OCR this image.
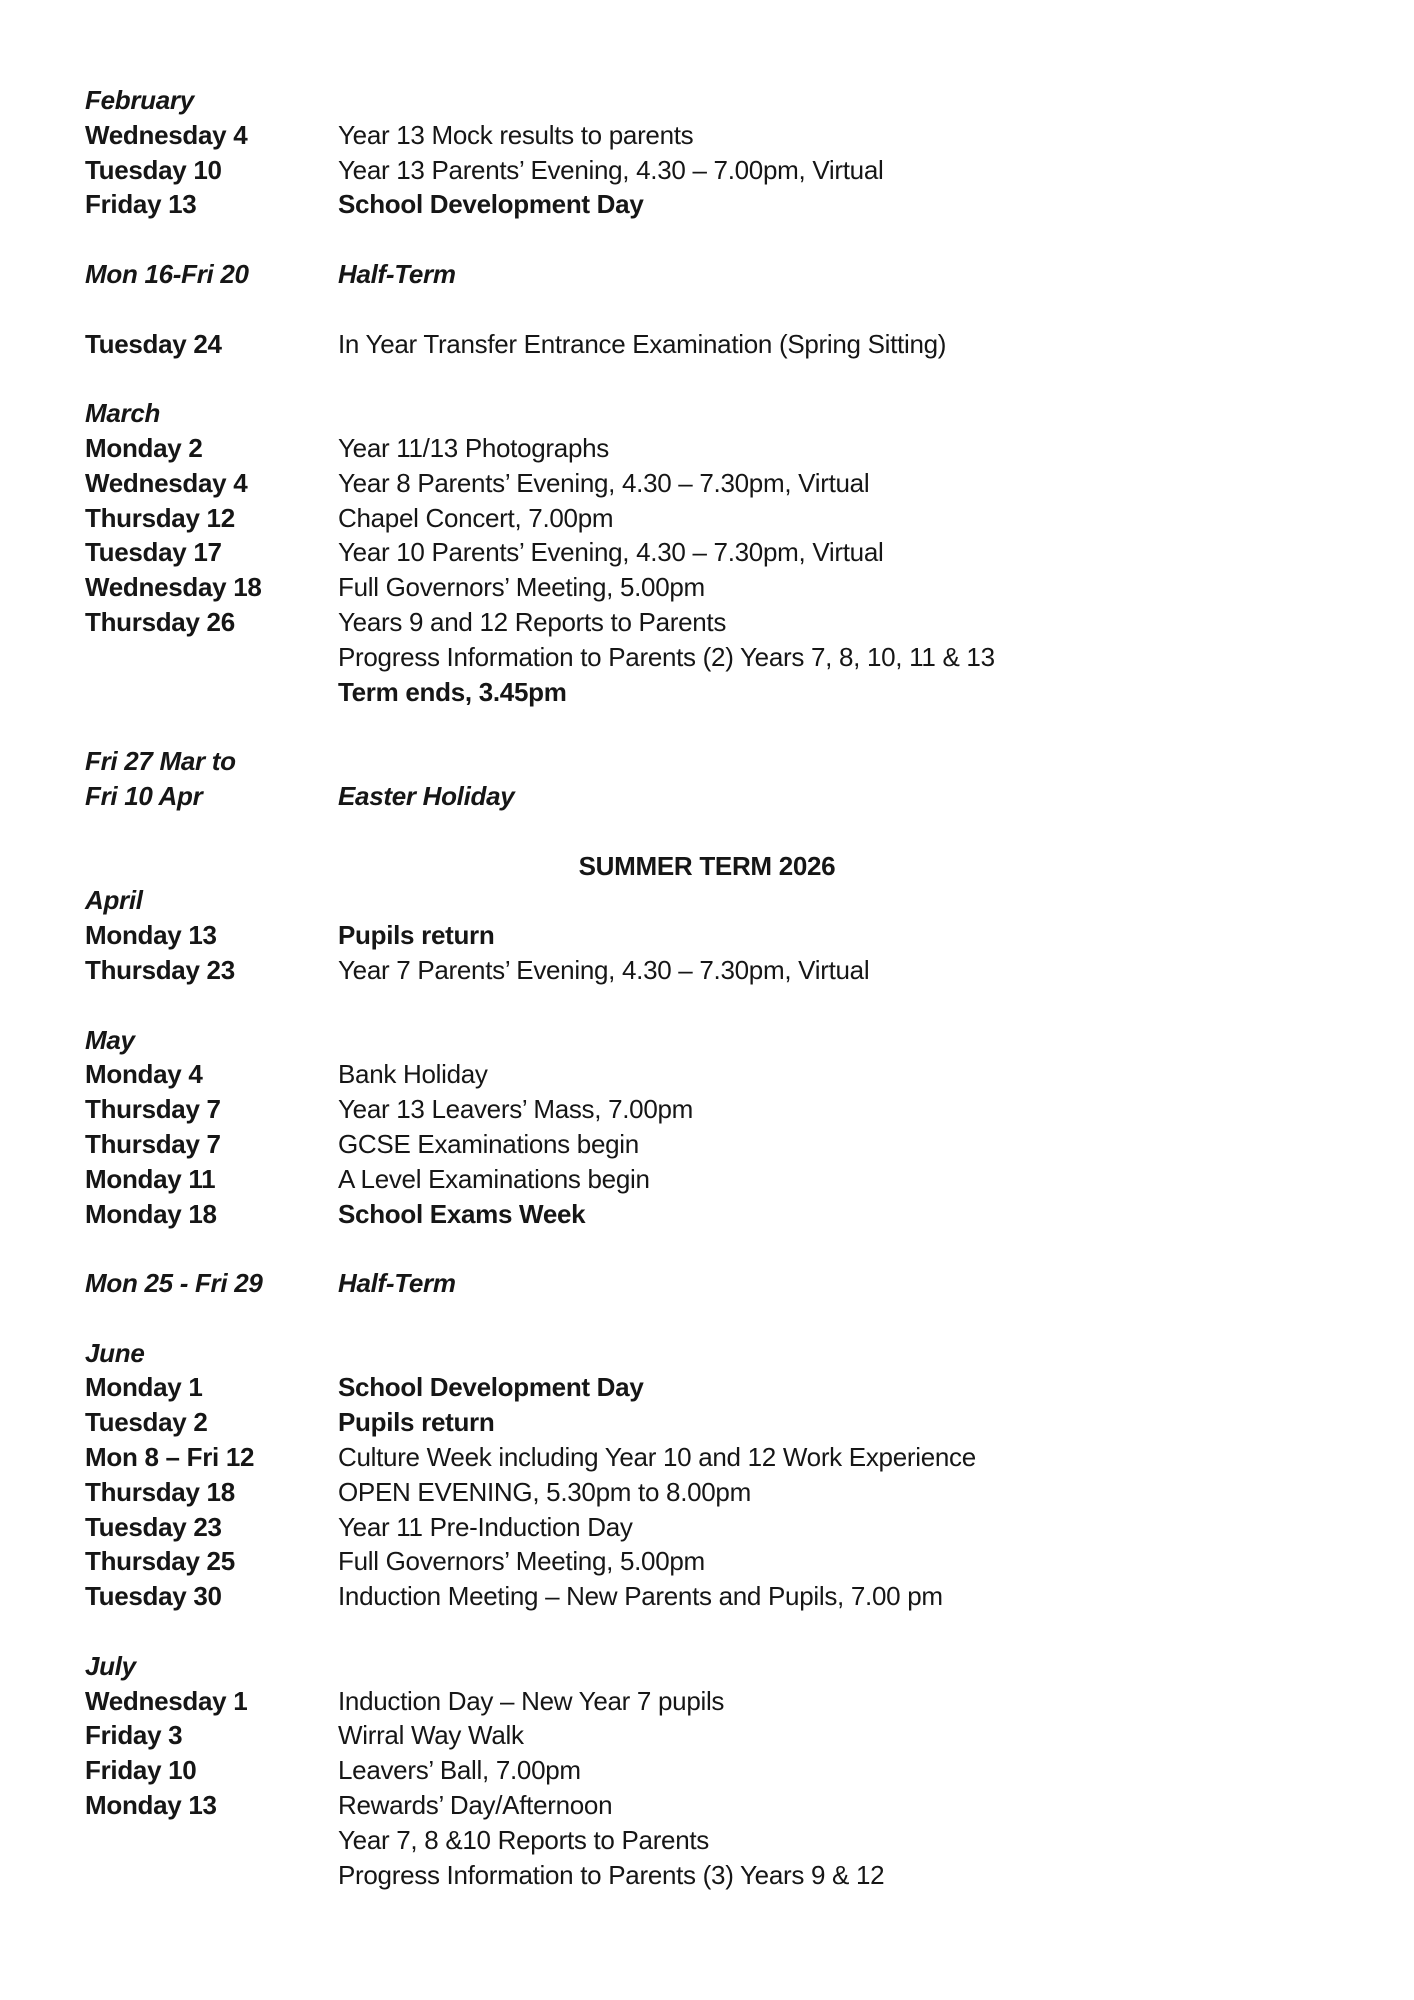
February
Wednesday 4	Year 13 Mock results to parents
Tuesday 10	Year 13 Parents’ Evening, 4.30 – 7.00pm, Virtual
Friday 13	School Development Day
Mon 16-Fri 20	Half-Term
Tuesday 24	In Year Transfer Entrance Examination (Spring Sitting)
March
Monday 2	Year 11/13 Photographs
Wednesday 4	Year 8 Parents’ Evening, 4.30 – 7.30pm, Virtual
Thursday 12	Chapel Concert, 7.00pm
Tuesday 17	Year 10 Parents’ Evening, 4.30 – 7.30pm, Virtual
Wednesday 18	Full Governors’ Meeting, 5.00pm
Thursday 26	Years 9 and 12 Reports to Parents
Progress Information to Parents (2) Years 7, 8, 10, 11 & 13
Term ends, 3.45pm
Fri 27 Mar to
Fri 10 Apr	Easter Holiday
SUMMER TERM 2026
April
Monday 13	Pupils return
Thursday 23	Year 7 Parents’ Evening, 4.30 – 7.30pm, Virtual
May
Monday 4	Bank Holiday
Thursday 7	Year 13 Leavers’ Mass, 7.00pm
Thursday 7	GCSE Examinations begin
Monday 11	A Level Examinations begin
Monday 18	School Exams Week
Mon 25 - Fri 29	Half-Term
June
Monday 1	School Development Day
Tuesday 2	Pupils return
Mon 8 – Fri 12	Culture Week including Year 10 and 12 Work Experience
Thursday 18	OPEN EVENING, 5.30pm to 8.00pm
Tuesday 23	Year 11 Pre-Induction Day
Thursday 25	Full Governors’ Meeting, 5.00pm
Tuesday 30	Induction Meeting – New Parents and Pupils, 7.00 pm
July
Wednesday 1	Induction Day – New Year 7 pupils
Friday 3	Wirral Way Walk
Friday 10	Leavers’ Ball, 7.00pm
Monday 13	Rewards’ Day/Afternoon
Year 7, 8 &10 Reports to Parents
Progress Information to Parents (3) Years 9 & 12
